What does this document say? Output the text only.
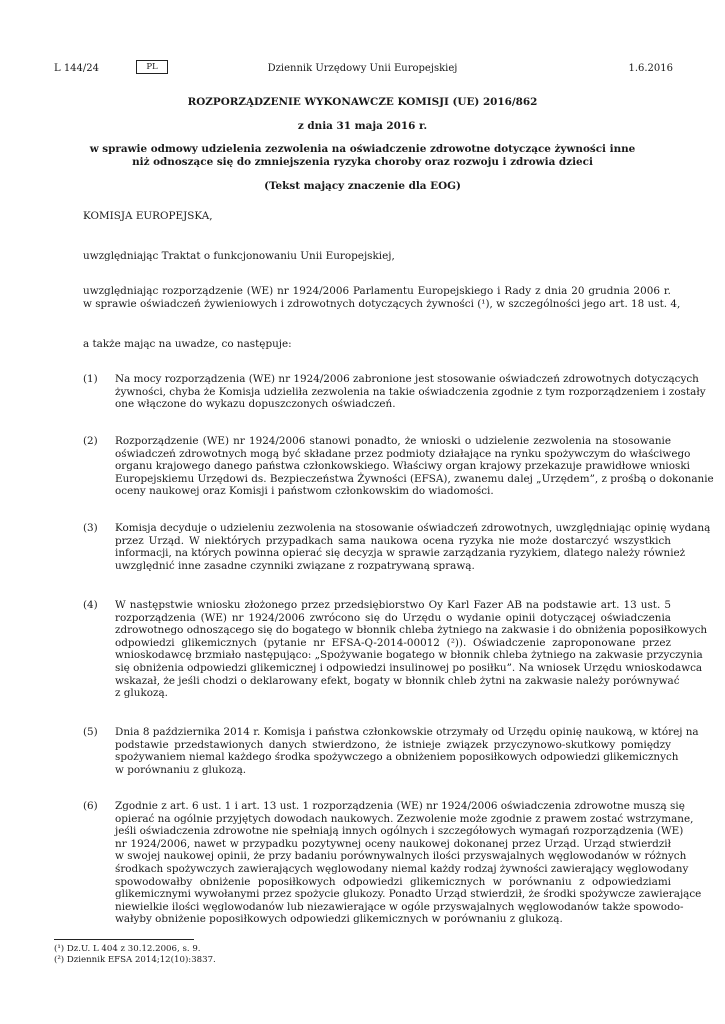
L 144/24	PL	Dziennik Urzędowy Unii Europejskiej	1.6.2016
ROZPORZĄDZENIE WYKONAWCZE KOMISJI (UE) 2016/862
z dnia 31 maja 2016 r.
w sprawie odmowy udzielenia zezwolenia na oświadczenie zdrowotne dotyczące żywności inne
niż odnoszące się do zmniejszenia ryzyka choroby oraz rozwoju i zdrowia dzieci
(Tekst mający znaczenie dla EOG)
KOMISJA EUROPEJSKA,
uwzględniając Traktat o funkcjonowaniu Unii Europejskiej,
uwzględniając rozporządzenie (WE) nr 1924/2006 Parlamentu Europejskiego i Rady z dnia 20 grudnia 2006 r.
w sprawie oświadczeń żywieniowych i zdrowotnych dotyczących żywności (¹), w szczególności jego art. 18 ust. 4,
a także mając na uwadze, co następuje:
(1) Na mocy rozporządzenia (WE) nr 1924/2006 zabronione jest stosowanie oświadczeń zdrowotnych dotyczących
żywności, chyba że Komisja udzieliła zezwolenia na takie oświadczenia zgodnie z tym rozporządzeniem i zostały
one włączone do wykazu dopuszczonych oświadczeń.
(2) Rozporządzenie (WE) nr 1924/2006 stanowi ponadto, że wnioski o udzielenie zezwolenia na stosowanie
oświadczeń zdrowotnych mogą być składane przez podmioty działające na rynku spożywczym do właściwego
organu krajowego danego państwa członkowskiego. Właściwy organ krajowy przekazuje prawidłowe wnioski
Europejskiemu Urzędowi ds. Bezpieczeństwa Żywności (EFSA), zwanemu dalej „Urzędem”, z prośbą o dokonanie
oceny naukowej oraz Komisji i państwom członkowskim do wiadomości.
(3) Komisja decyduje o udzieleniu zezwolenia na stosowanie oświadczeń zdrowotnych, uwzględniając opinię wydaną
przez Urząd. W niektórych przypadkach sama naukowa ocena ryzyka nie może dostarczyć wszystkich
informacji, na których powinna opierać się decyzja w sprawie zarządzania ryzykiem, dlatego należy również
uwzględnić inne zasadne czynniki związane z rozpatrywaną sprawą.
(4) W następstwie wniosku złożonego przez przedsiębiorstwo Oy Karl Fazer AB na podstawie art. 13 ust. 5
rozporządzenia (WE) nr 1924/2006 zwrócono się do Urzędu o wydanie opinii dotyczącej oświadczenia
zdrowotnego odnoszącego się do bogatego w błonnik chleba żytniego na zakwasie i do obniżenia poposiłkowych
odpowiedzi glikemicznych (pytanie nr EFSA-Q-2014-00012 (²)). Oświadczenie zaproponowane przez
wnioskodawcę brzmiało następująco: „Spożywanie bogatego w błonnik chleba żytniego na zakwasie przyczynia
się obniżenia odpowiedzi glikemicznej i odpowiedzi insulinowej po posiłku”. Na wniosek Urzędu wnioskodawca
wskazał, że jeśli chodzi o deklarowany efekt, bogaty w błonnik chleb żytni na zakwasie należy porównywać
z glukozą.
(5) Dnia 8 października 2014 r. Komisja i państwa członkowskie otrzymały od Urzędu opinię naukową, w której na
podstawie przedstawionych danych stwierdzono, że istnieje związek przyczynowo-skutkowy pomiędzy
spożywaniem niemal każdego środka spożywczego a obniżeniem poposiłkowych odpowiedzi glikemicznych
w porównaniu z glukozą.
(6) Zgodnie z art. 6 ust. 1 i art. 13 ust. 1 rozporządzenia (WE) nr 1924/2006 oświadczenia zdrowotne muszą się
opierać na ogólnie przyjętych dowodach naukowych. Zezwolenie może zgodnie z prawem zostać wstrzymane,
jeśli oświadczenia zdrowotne nie spełniają innych ogólnych i szczegółowych wymagań rozporządzenia (WE)
nr 1924/2006, nawet w przypadku pozytywnej oceny naukowej dokonanej przez Urząd. Urząd stwierdził
w swojej naukowej opinii, że przy badaniu porównywalnych ilości przyswajalnych węglowodanów w różnych
środkach spożywczych zawierających węglowodany niemal każdy rodzaj żywności zawierający węglowodany
spowodowałby obniżenie poposiłkowych odpowiedzi glikemicznych w porównaniu z odpowiedziami
glikemicznymi wywołanymi przez spożycie glukozy. Ponadto Urząd stwierdził, że środki spożywcze zawierające
niewielkie ilości węglowodanów lub niezawierające w ogóle przyswajalnych węglowodanów także spowodo-
wałyby obniżenie poposiłkowych odpowiedzi glikemicznych w porównaniu z glukozą.
(¹) Dz.U. L 404 z 30.12.2006, s. 9.
(²) Dziennik EFSA 2014;12(10):3837.
